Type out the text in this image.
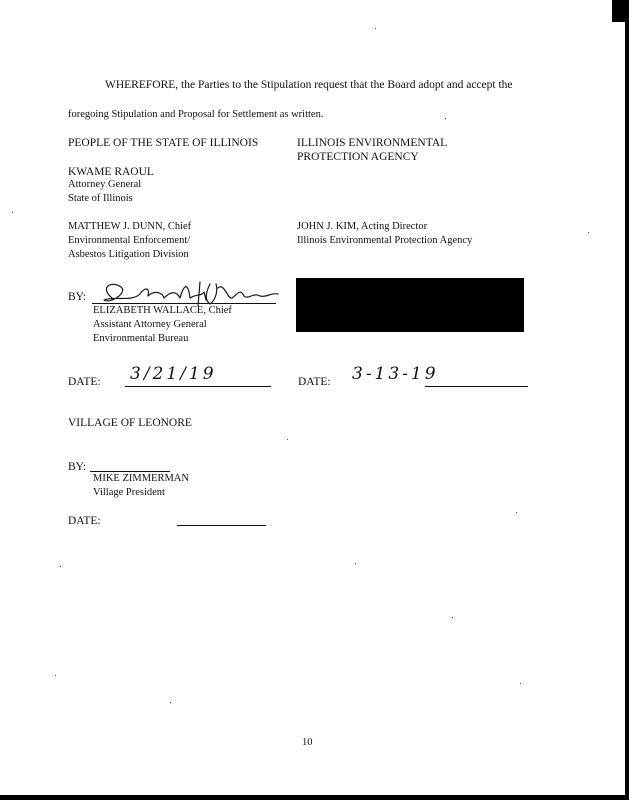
WHEREFORE, the Parties to the Stipulation request that the Board adopt and accept the
foregoing Stipulation and Proposal for Settlement as written.
PEOPLE OF THE STATE OF ILLINOIS
KWAME RAOUL
Attorney General
State of Illinois
MATTHEW J. DUNN, Chief
Environmental Enforcement/
Asbestos Litigation Division
BY:
ELIZABETH WALLACE, Chief
Assistant Attorney General
Environmental Bureau
DATE: 3/21/19
ILLINOIS ENVIRONMENTAL
PROTECTION AGENCY
JOHN J. KIM, Acting Director
Illinois Environmental Protection Agency
DATE: 3-13-19
VILLAGE OF LEONORE
BY:
MIKE ZIMMERMAN
Village President
DATE:
10
